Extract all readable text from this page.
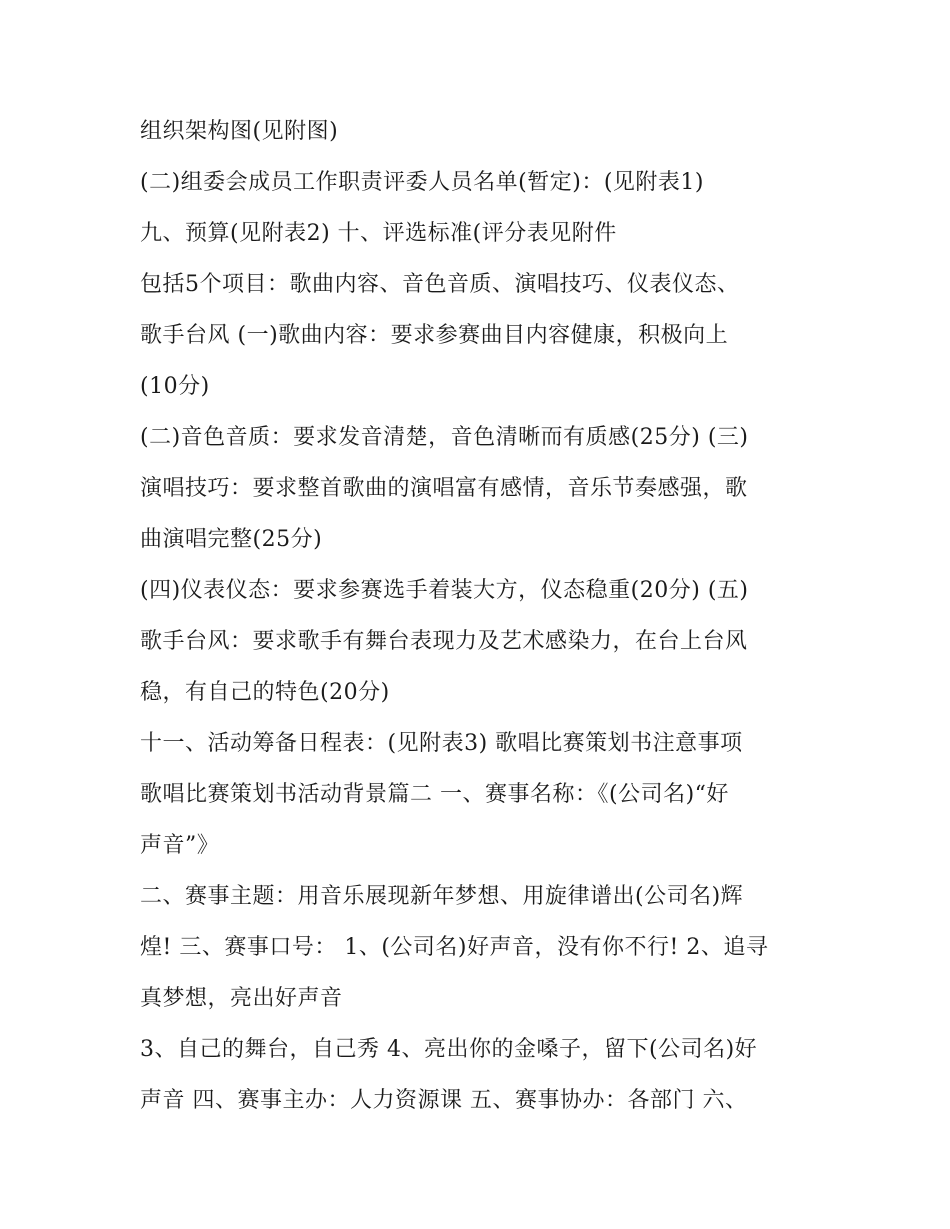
组织架构图(见附图)
(二)组委会成员工作职责评委人员名单(暂定)：(见附表1)
九、预算(见附表2) 十、评选标准(评分表见附件
包括5个项目：歌曲内容、音色音质、演唱技巧、仪表仪态、
歌手台风 (一)歌曲内容：要求参赛曲目内容健康，积极向上
(10分)
(二)音色音质：要求发音清楚，音色清晰而有质感(25分) (三)
演唱技巧：要求整首歌曲的演唱富有感情，音乐节奏感强，歌
曲演唱完整(25分)
(四)仪表仪态：要求参赛选手着装大方，仪态稳重(20分) (五)
歌手台风：要求歌手有舞台表现力及艺术感染力，在台上台风
稳，有自己的特色(20分)
十一、活动筹备日程表：(见附表3) 歌唱比赛策划书注意事项
歌唱比赛策划书活动背景篇二 一、赛事名称：《(公司名)“好
声音”》
二、赛事主题：用音乐展现新年梦想、用旋律谱出(公司名)辉
煌! 三、赛事口号： 1、(公司名)好声音，没有你不行! 2、追寻
真梦想，亮出好声音
3、自己的舞台，自己秀 4、亮出你的金嗓子，留下(公司名)好
声音 四、赛事主办：人力资源课 五、赛事协办：各部门 六、
